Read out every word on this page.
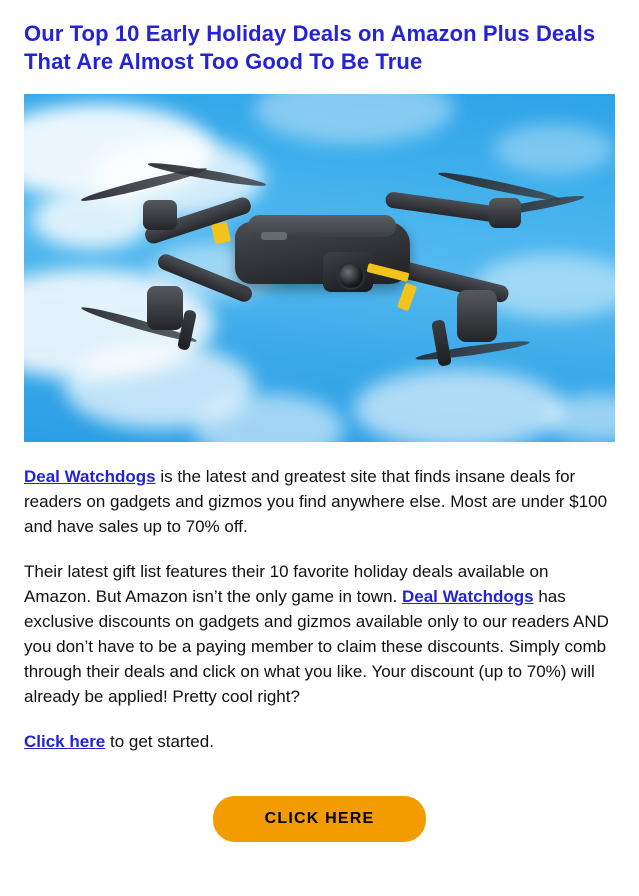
Our Top 10 Early Holiday Deals on Amazon Plus Deals That Are Almost Too Good To Be True

Deal Watchdogs is the latest and greatest site that finds insane deals for readers on gadgets and gizmos you find anywhere else. Most are under $100 and have sales up to 70% off.

Their latest gift list features their 10 favorite holiday deals available on Amazon. But Amazon isn’t the only game in town. Deal Watchdogs has exclusive discounts on gadgets and gizmos available only to our readers AND you don’t have to be a paying member to claim these discounts. Simply comb through their deals and click on what you like. Your discount (up to 70%) will already be applied! Pretty cool right?

Click here to get started.

CLICK HERE
